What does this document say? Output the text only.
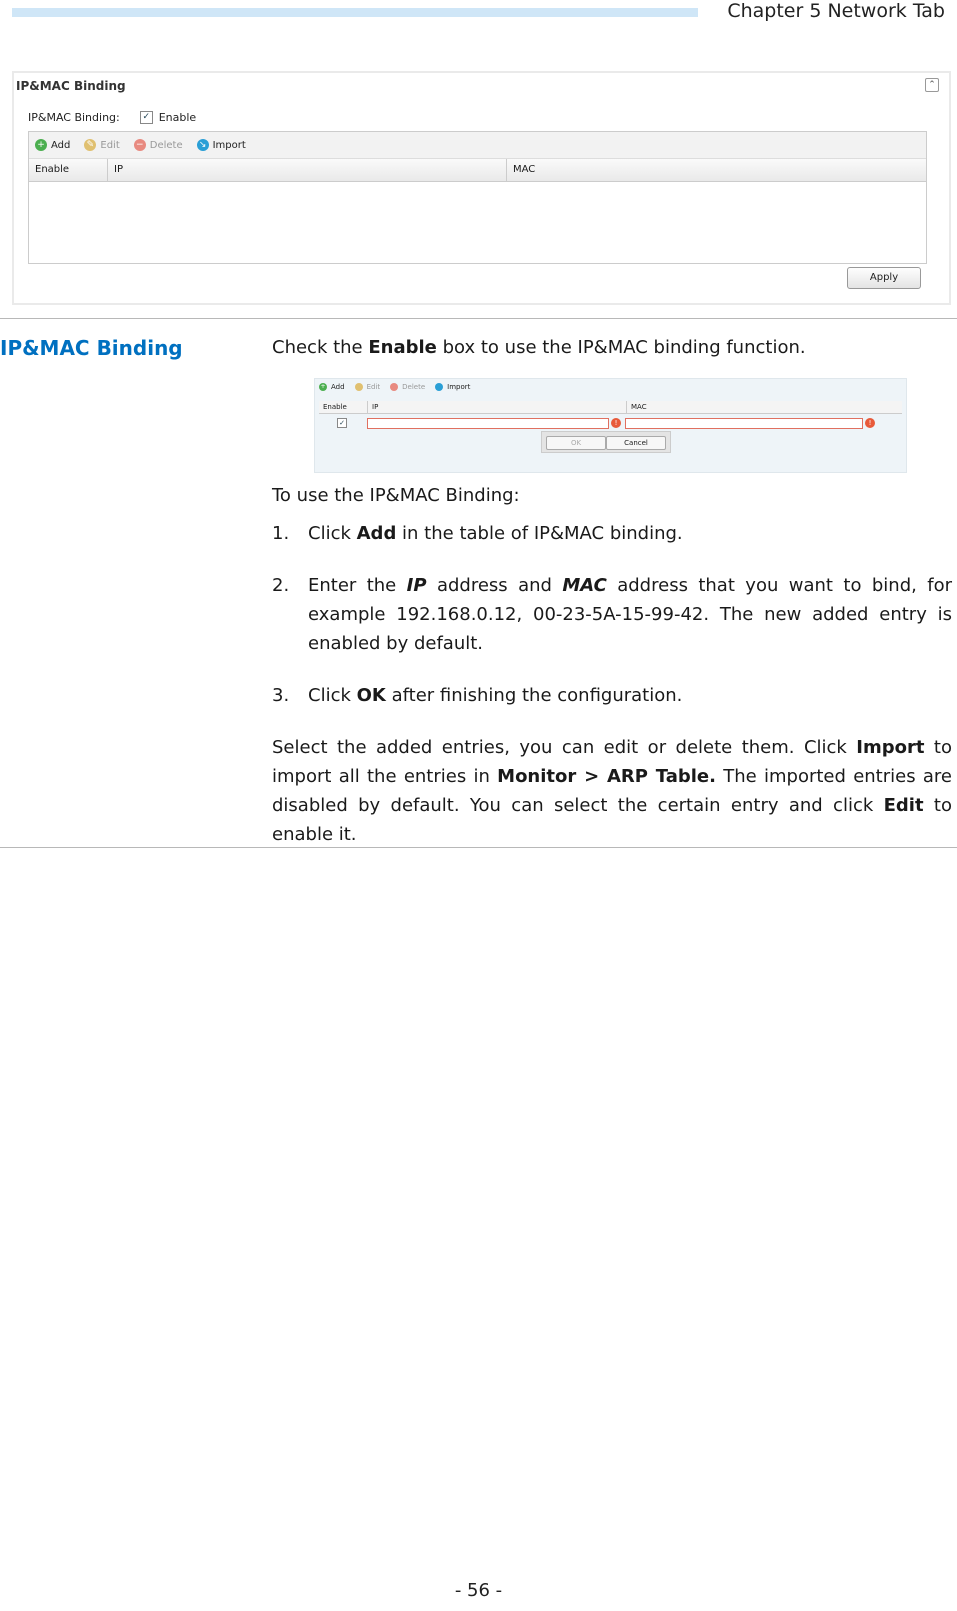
Chapter 5 Network Tab
IP&MAC Binding	⌃
IP&MAC Binding:	✓ Enable
+ Add ✎ Edit − Delete ↘ Import
Enable	IP	MAC
Apply
IP&MAC Binding	Check the Enable box to use the IP&MAC binding function.
+ Add	Edit	Delete	Import
Enable	IP	MAC
✓	!	!
OK	Cancel
To use the IP&MAC Binding:
1. Click Add in the table of IP&MAC binding.
2. Enter the IP address and MAC address that you want to bind, for example 192.168.0.12, 00-23-5A-15-99-42. The new added entry is enabled by default.
3. Click OK after finishing the configuration.
Select the added entries, you can edit or delete them. Click Import to import all the entries in Monitor > ARP Table. The imported entries are disabled by default. You can select the certain entry and click Edit to enable it.
- 56 -
